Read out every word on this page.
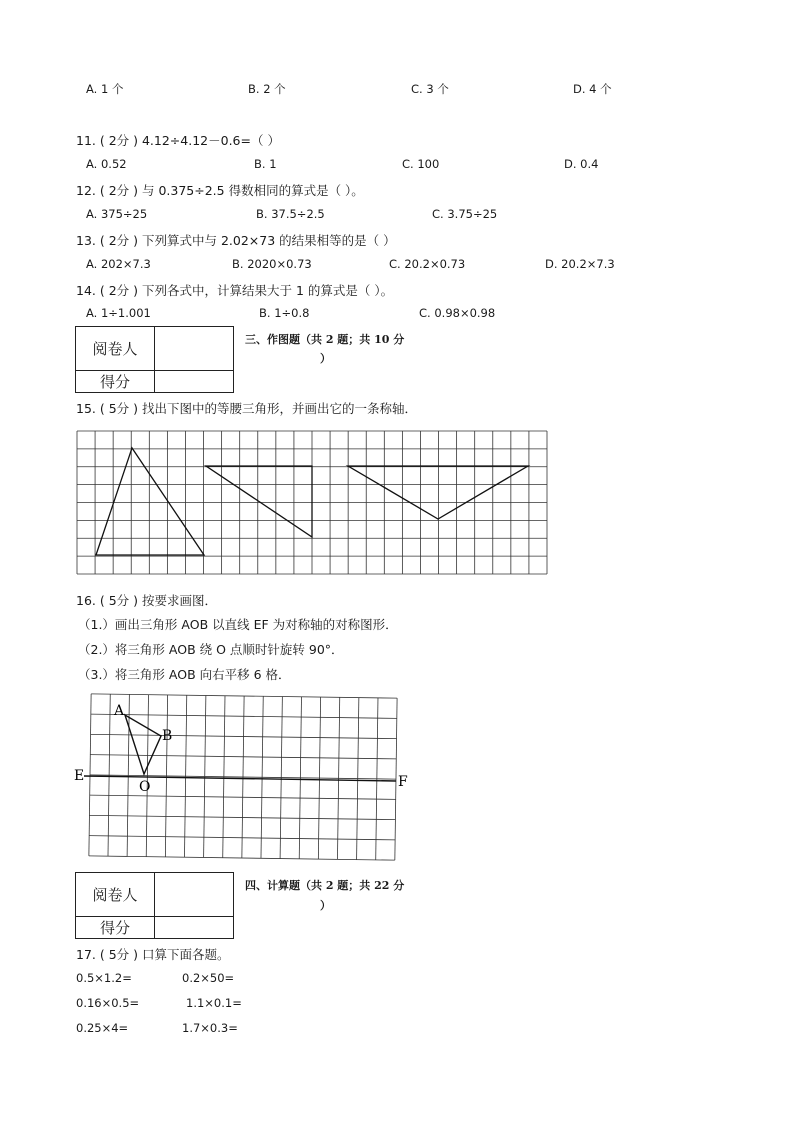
A. 1 个	B. 2 个	C. 3 个	D. 4 个
11. ( 2分 ) 4.12÷4.12－0.6=（ ）
A. 0.52	B. 1	C. 100	D. 0.4
12. ( 2分 ) 与 0.375÷2.5 得数相同的算式是（ ）。
A. 375÷25	B. 37.5÷2.5	C. 3.75÷25
13. ( 2分 ) 下列算式中与 2.02×73 的结果相等的是（ ）
A. 202×7.3	B. 2020×0.73	C. 20.2×0.73	D. 20.2×7.3
14. ( 2分 ) 下列各式中，计算结果大于 1 的算式是（ ）。
A. 1÷1.001	B. 1÷0.8	C. 0.98×0.98
阅卷人	
得分	
三、作图题（共 2 题；共 10 分
）
15. ( 5分 ) 找出下图中的等腰三角形，并画出它的一条称轴．
16. ( 5分 ) 按要求画图．
（1.）画出三角形 AOB 以直线 EF 为对称轴的对称图形．
（2.）将三角形 AOB 绕 O 点顺时针旋转 90°．
（3.）将三角形 AOB 向右平移 6 格．
A
B
O
E	F
阅卷人	
得分	
四、计算题（共 2 题；共 22 分
）
17. ( 5分 ) 口算下面各题。
0.5×1.2=	0.2×50=
0.16×0.5=	1.1×0.1=
0.25×4=	1.7×0.3=
